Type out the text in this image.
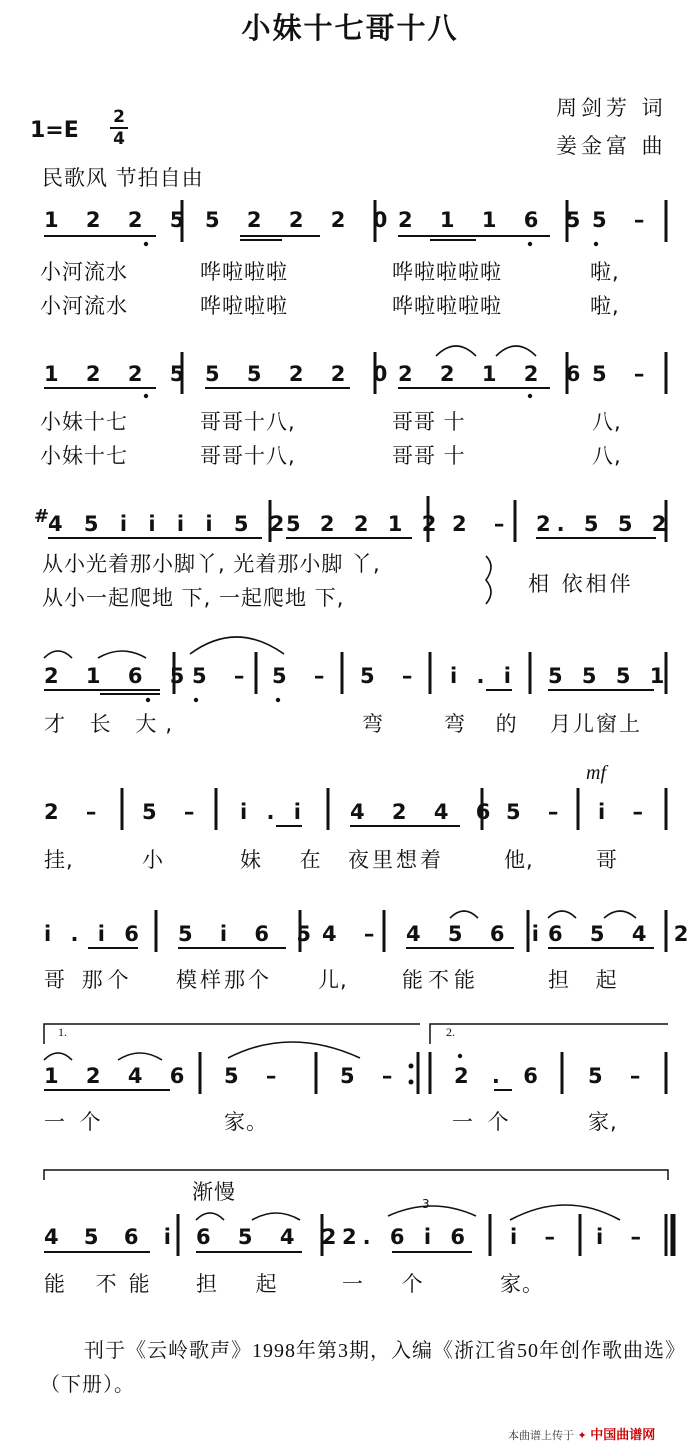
小妹十七哥十八
周剑芳 词
姜金富 曲
1=E
2
4
民歌风 节拍自由
1 2 2 5 5 2 2 2 0 2 1 1 6 5 5 –
小河流水	哗啦啦啦	哗啦啦啦啦	啦,
小河流水	哗啦啦啦	哗啦啦啦啦	啦,
1 2 2 5 5 5 2 2 0 2 2 1 2 6 5 –
小妹十七	哥哥十八,	哥哥 十	八,
小妹十七	哥哥十八,	哥哥 十	八,
#
4 5 i i i i 5 2
5 2 2 1 2 2 – 2. 5 5 2
从小光着那小脚丫, 光着那小脚 丫,
从小一起爬地 下, 一起爬地 下,
相 依相伴
2 1 6 5
5 – 5 – 5 – i . i 5 5 5 1
才 长 大,	弯	弯 的 月儿窗上
mf
2 – 5 – i . i 4 2 4 6 5 – i –
挂,	小	妹 在 夜里想着	他,	哥
i . i 6 5 i 6 5 4 – 4 5 6 i 6 5 4 2
哥 那个 模样那个 儿,	能不能	担 起
1.	2.
1 2 4 6 5 –	5 – 2 . 6 5 –
一 个	家。	一 个	家,
渐慢	3
4 5 6 i 6 5 4 2
2. 6 i 6 i – i –
能 不能 担 起 一 个	家。
刊于《云岭歌声》1998年第3期，入编《浙江省50年创作歌曲选》（下册）。
本曲谱上传于 ✦ 中国曲谱网
